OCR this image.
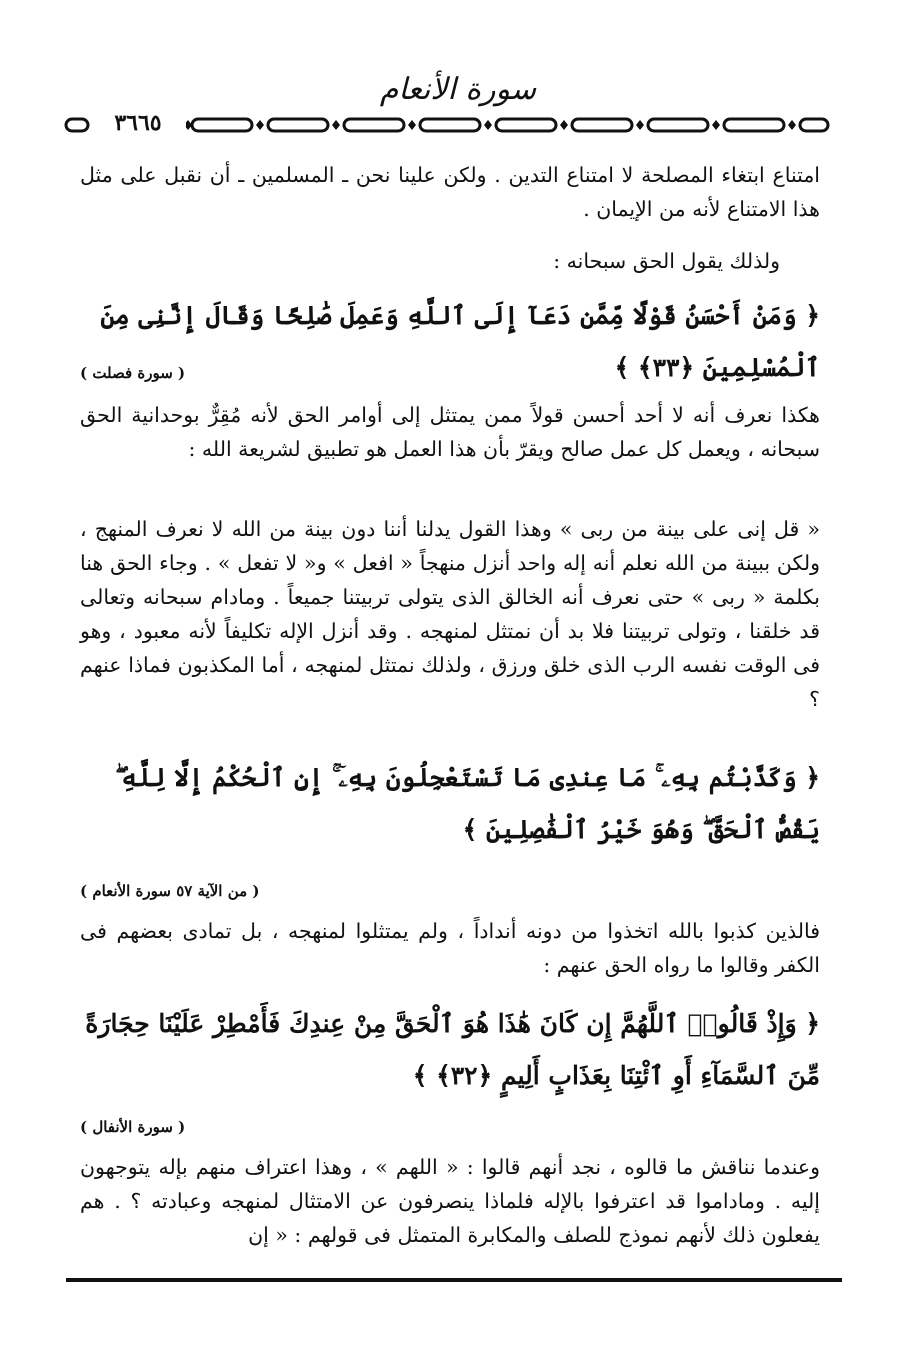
سورة الأنعام
٣٦٦٥
امتناع ابتغاء المصلحة لا امتناع التدين . ولكن علينا نحن ـ المسلمين ـ أن نقبل على مثل هذا الامتناع لأنه من الإيمان .
ولذلك يقول الحق سبحانه :
﴿ وَمَنْ أَحْسَنُ قَوْلًا مِّمَّن دَعَآ إِلَى ٱللَّهِ وَعَمِلَ صَٰلِحًا وَقَالَ إِنَّنِى مِنَ ٱلْمُسْلِمِينَ ﴿٣٣﴾ ﴾
( سورة فصلت )
هكذا نعرف أنه لا أحد أحسن قولاً ممن يمتثل إلى أوامر الحق لأنه مُقِرٌّ بوحدانية الحق سبحانه ، ويعمل كل عمل صالح ويقرّ بأن هذا العمل هو تطبيق لشريعة الله :
« قل إنى على بينة من ربى » وهذا القول يدلنا أننا دون بينة من الله لا نعرف المنهج ، ولكن ببينة من الله نعلم أنه إله واحد أنزل منهجاً « افعل » و« لا تفعل » . وجاء الحق هنا بكلمة « ربى » حتى نعرف أنه الخالق الذى يتولى تربيتنا جميعاً . ومادام سبحانه وتعالى قد خلقنا ، وتولى تربيتنا فلا بد أن نمتثل لمنهجه . وقد أنزل الإله تكليفاً لأنه معبود ، وهو فى الوقت نفسه الرب الذى خلق ورزق ، ولذلك نمتثل لمنهجه ، أما المكذبون فماذا عنهم ؟
﴿ وَكَذَّبْتُم بِهِۦ ۚ مَا عِندِى مَا تَسْتَعْجِلُونَ بِهِۦٓ ۚ إِنِ ٱلْحُكْمُ إِلَّا لِلَّهِ ۖ يَقُصُّ ٱلْحَقَّ ۖ وَهُوَ خَيْرُ ٱلْفَٰصِلِينَ ﴾
( من الآية ٥٧ سورة الأنعام )
فالذين كذبوا بالله اتخذوا من دونه أنداداً ، ولم يمتثلوا لمنهجه ، بل تمادى بعضهم فى الكفر وقالوا ما رواه الحق عنهم :
﴿ وَإِذْ قَالُوا۟ ٱللَّهُمَّ إِن كَانَ هَٰذَا هُوَ ٱلْحَقَّ مِنْ عِندِكَ فَأَمْطِرْ عَلَيْنَا حِجَارَةً مِّنَ ٱلسَّمَآءِ أَوِ ٱئْتِنَا بِعَذَابٍ أَلِيمٍ ﴿٣٢﴾ ﴾
( سورة الأنفال )
وعندما نناقش ما قالوه ، نجد أنهم قالوا : « اللهم » ، وهذا اعتراف منهم بإله يتوجهون إليه . وماداموا قد اعترفوا بالإله فلماذا ينصرفون عن الامتثال لمنهجه وعبادته ؟ . هم يفعلون ذلك لأنهم نموذج للصلف والمكابرة المتمثل فى قولهم : « إن
